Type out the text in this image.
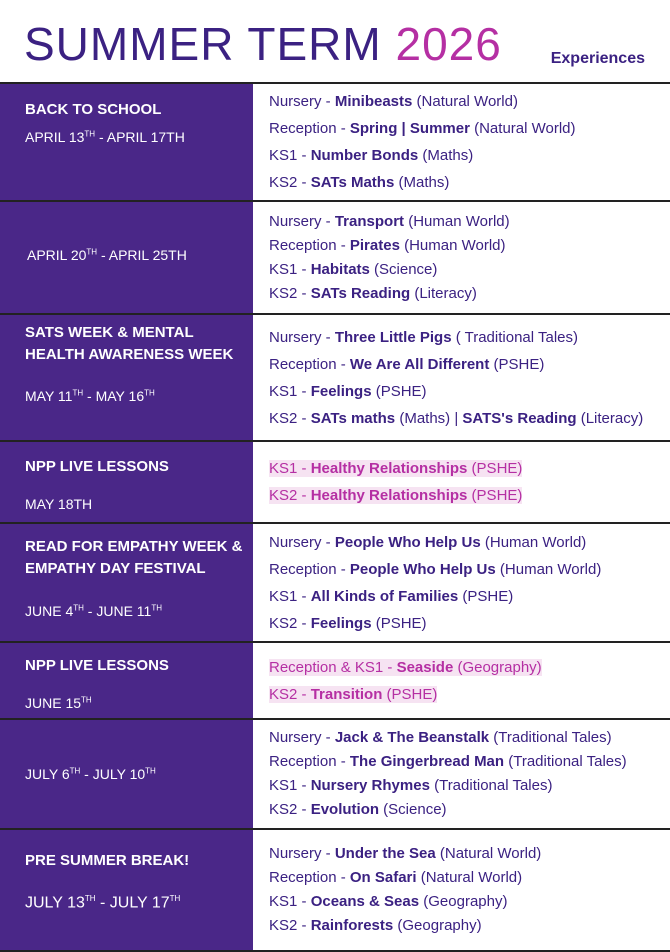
SUMMER TERM 2026	Experiences
BACK TO SCHOOL
APRIL 13TH - APRIL 17TH
Nursery - Minibeasts (Natural World)
Reception - Spring | Summer (Natural World)
KS1 - Number Bonds (Maths)
KS2 - SATs Maths (Maths)
APRIL 20TH - APRIL 25TH
Nursery - Transport (Human World)
Reception - Pirates (Human World)
KS1 - Habitats (Science)
KS2 - SATs Reading (Literacy)
SATS WEEK & MENTAL HEALTH AWARENESS WEEK
MAY 11TH - MAY 16TH
Nursery - Three Little Pigs ( Traditional Tales)
Reception - We Are All Different (PSHE)
KS1 - Feelings (PSHE)
KS2 - SATs maths (Maths) | SATS's Reading (Literacy)
NPP LIVE LESSONS
MAY 18TH
KS1 - Healthy Relationships (PSHE)
KS2 - Healthy Relationships (PSHE)
READ FOR EMPATHY WEEK & EMPATHY DAY FESTIVAL
JUNE 4TH - JUNE 11TH
Nursery - People Who Help Us (Human World)
Reception - People Who Help Us (Human World)
KS1 - All Kinds of Families (PSHE)
KS2 - Feelings (PSHE)
NPP LIVE LESSONS
JUNE 15TH
Reception & KS1 - Seaside (Geography)
KS2 - Transition (PSHE)
JULY 6TH - JULY 10TH
Nursery - Jack & The Beanstalk (Traditional Tales)
Reception - The Gingerbread Man (Traditional Tales)
KS1 - Nursery Rhymes (Traditional Tales)
KS2 - Evolution (Science)
PRE SUMMER BREAK!
JULY 13TH - JULY 17TH
Nursery - Under the Sea (Natural World)
Reception - On Safari (Natural World)
KS1 - Oceans & Seas (Geography)
KS2 - Rainforests (Geography)
